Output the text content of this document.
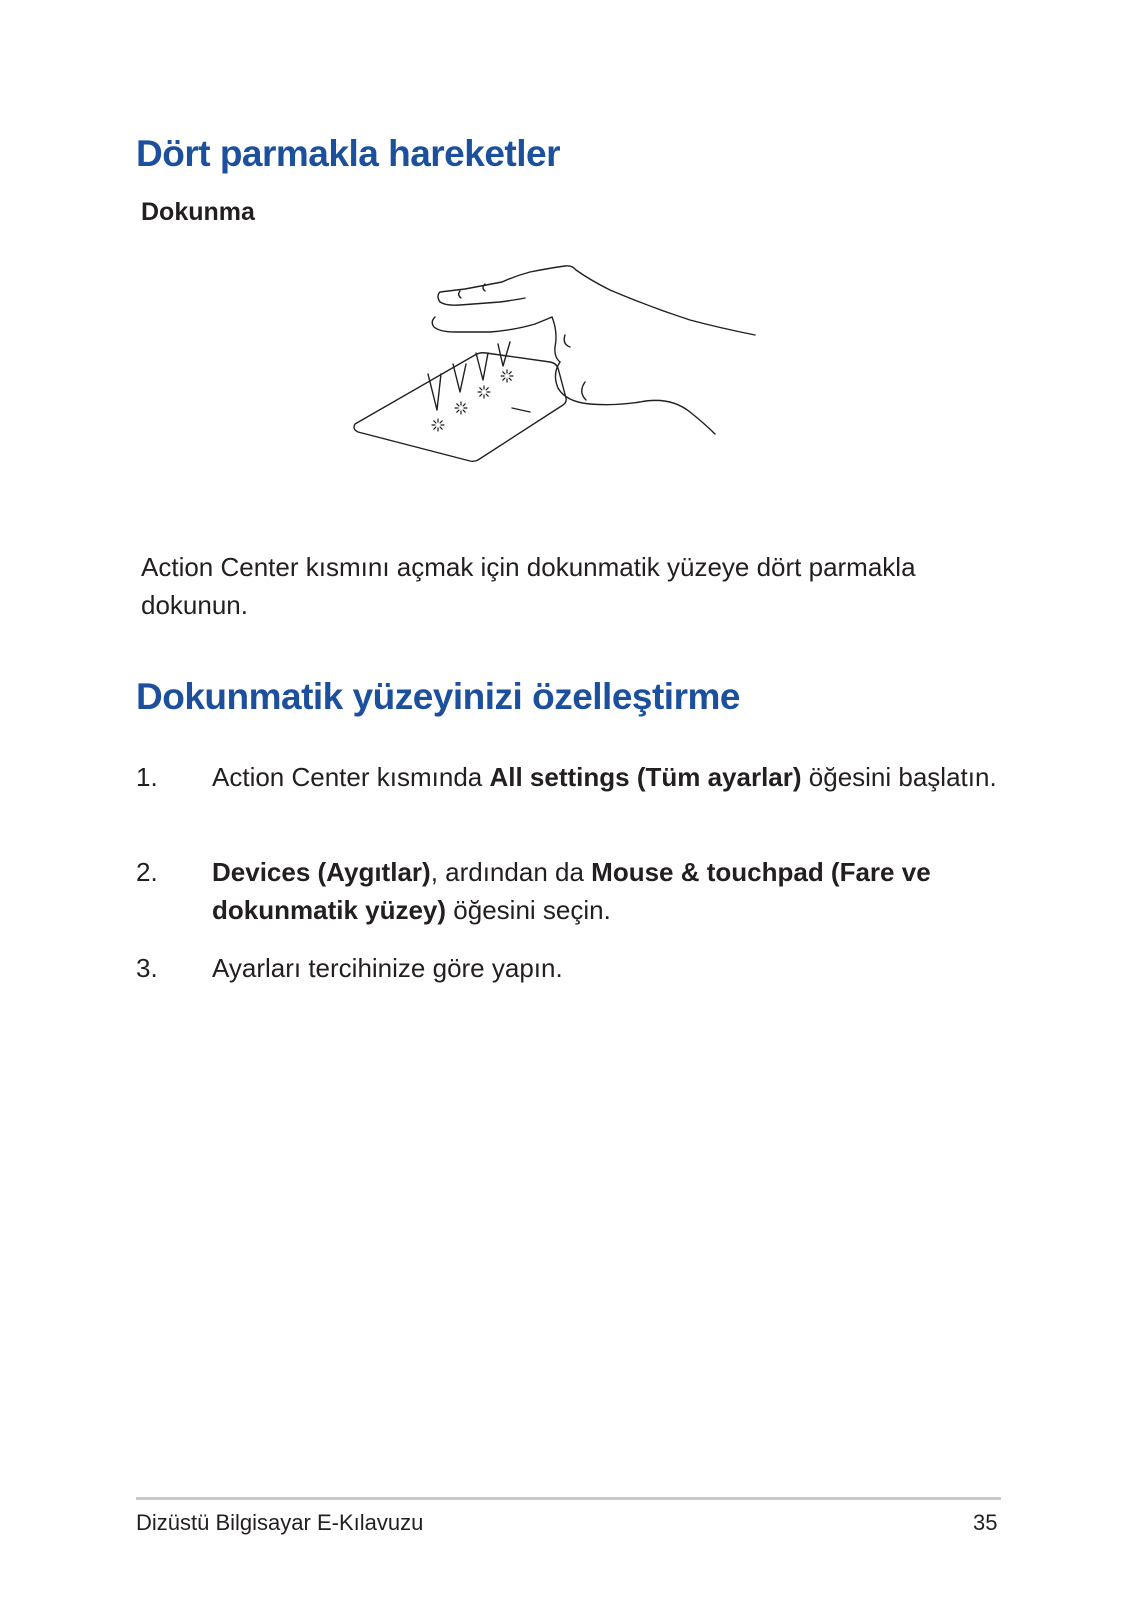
Dört parmakla hareketler
Dokunma

Action Center kısmını açmak için dokunmatik yüzeye dört parmakla dokunun.

Dokunmatik yüzeyinizi özelleştirme
1. Action Center kısmında All settings (Tüm ayarlar) öğesini başlatın.
2. Devices (Aygıtlar), ardından da Mouse & touchpad (Fare ve dokunmatik yüzey) öğesini seçin.
3. Ayarları tercihinize göre yapın.
Dizüstü Bilgisayar E-Kılavuzu	35
